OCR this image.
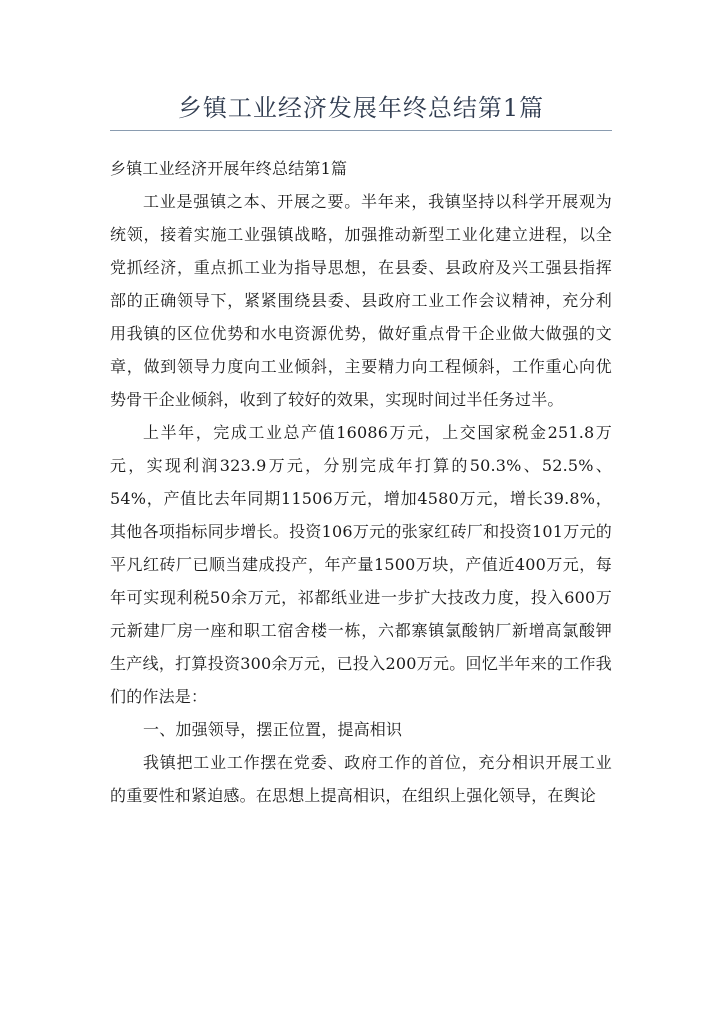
乡镇工业经济发展年终总结第1篇

乡镇工业经济开展年终总结第1篇

工业是强镇之本、开展之要。半年来，我镇坚持以科学开展观为统领，接着实施工业强镇战略，加强推动新型工业化建立进程，以全党抓经济，重点抓工业为指导思想，在县委、县政府及兴工强县指挥部的正确领导下，紧紧围绕县委、县政府工业工作会议精神，充分利用我镇的区位优势和水电资源优势，做好重点骨干企业做大做强的文章，做到领导力度向工业倾斜，主要精力向工程倾斜，工作重心向优势骨干企业倾斜，收到了较好的效果，实现时间过半任务过半。

上半年，完成工业总产值16086万元，上交国家税金251.8万元，实现利润323.9万元，分别完成年打算的50.3%、52.5%、54%，产值比去年同期11506万元，增加4580万元，增长39.8%，其他各项指标同步增长。投资106万元的张家红砖厂和投资101万元的平凡红砖厂已顺当建成投产，年产量1500万块，产值近400万元，每年可实现利税50余万元，祁都纸业进一步扩大技改力度，投入600万元新建厂房一座和职工宿舍楼一栋，六都寨镇氯酸钠厂新增高氯酸钾生产线，打算投资300余万元，已投入200万元。回忆半年来的工作我们的作法是：

一、加强领导，摆正位置，提高相识

我镇把工业工作摆在党委、政府工作的首位，充分相识开展工业的重要性和紧迫感。在思想上提高相识，在组织上强化领导，在舆论
